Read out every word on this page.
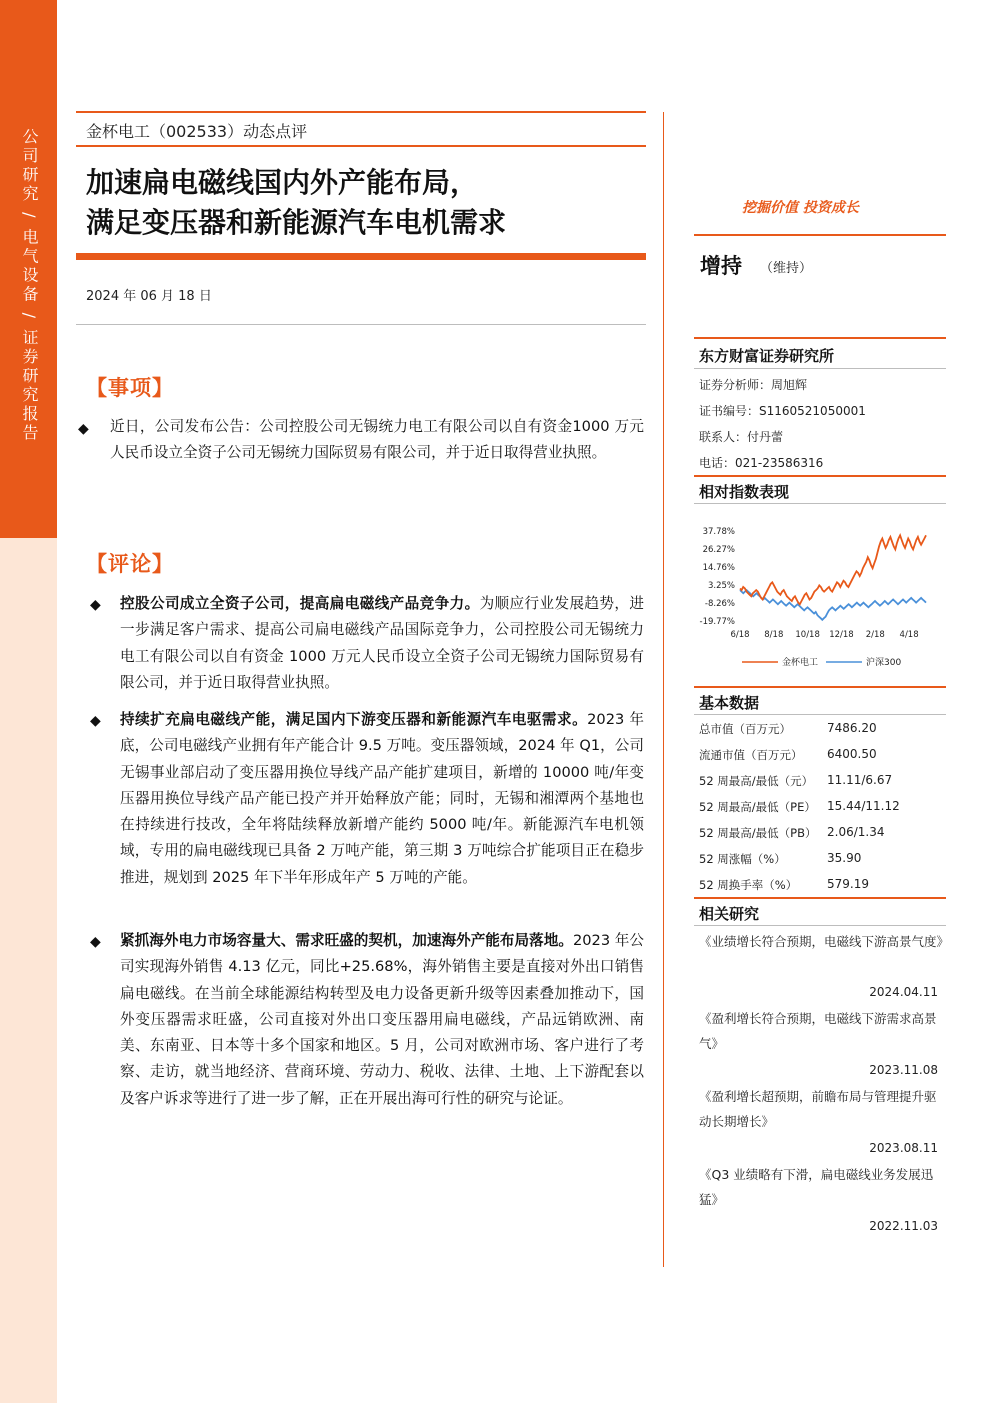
公司研究 / 电气设备 / 证券研究报告	金杯电工（002533）动态点评
加速扁电磁线国内外产能布局，
满足变压器和新能源汽车电机需求
2024 年 06 月 18 日
【事项】
◆ 近日，公司发布公告：公司控股公司无锡统力电工有限公司以自有资金1000 万元人民币设立全资子公司无锡统力国际贸易有限公司，并于近日取得营业执照。
【评论】
◆ 控股公司成立全资子公司，提高扁电磁线产品竞争力。为顺应行业发展趋势，进一步满足客户需求、提高公司扁电磁线产品国际竞争力，公司控股公司无锡统力电工有限公司以自有资金 1000 万元人民币设立全资子公司无锡统力国际贸易有限公司，并于近日取得营业执照。
◆ 持续扩充扁电磁线产能，满足国内下游变压器和新能源汽车电驱需求。2023 年底，公司电磁线产业拥有年产能合计 9.5 万吨。变压器领域，2024 年 Q1，公司无锡事业部启动了变压器用换位导线产品产能扩建项目，新增的 10000 吨/年变压器用换位导线产品产能已投产并开始释放产能；同时，无锡和湘潭两个基地也在持续进行技改，全年将陆续释放新增产能约 5000 吨/年。新能源汽车电机领域，专用的扁电磁线现已具备 2 万吨产能，第三期 3 万吨综合扩能项目正在稳步推进，规划到 2025 年下半年形成年产 5 万吨的产能。
◆ 紧抓海外电力市场容量大、需求旺盛的契机，加速海外产能布局落地。2023 年公司实现海外销售 4.13 亿元，同比+25.68%，海外销售主要是直接对外出口销售扁电磁线。在当前全球能源结构转型及电力设备更新升级等因素叠加推动下，国外变压器需求旺盛，公司直接对外出口变压器用扁电磁线，产品远销欧洲、南美、东南亚、日本等十多个国家和地区。5 月，公司对欧洲市场、客户进行了考察、走访，就当地经济、营商环境、劳动力、税收、法律、土地、上下游配套以及客户诉求等进行了进一步了解，正在开展出海可行性的研究与论证。
挖掘价值 投资成长
增持 （维持）
东方财富证券研究所
证券分析师：周旭辉
证书编号：S1160521050001
联系人：付丹蕾
电话：021-23586316
相对指数表现
37.78%
26.27%
14.76%
3.25%
-8.26%
-19.77%
6/18 8/18 10/18 12/18 2/18 4/18
金杯电工	沪深300
基本数据
总市值（百万元）	7486.20
流通市值（百万元） 6400.50
52 周最高/最低（元） 11.11/6.67
52 周最高/最低（PE） 15.44/11.12
52 周最高/最低（PB） 2.06/1.34
52 周涨幅（%）	35.90
52 周换手率（%） 579.19
相关研究
《业绩增长符合预期，电磁线下游高景气度》
2024.04.11
《盈利增长符合预期，电磁线下游需求高景气》
2023.11.08
《盈利增长超预期，前瞻布局与管理提升驱动长期增长》
2023.08.11
《Q3 业绩略有下滑，扁电磁线业务发展迅猛》
2022.11.03
